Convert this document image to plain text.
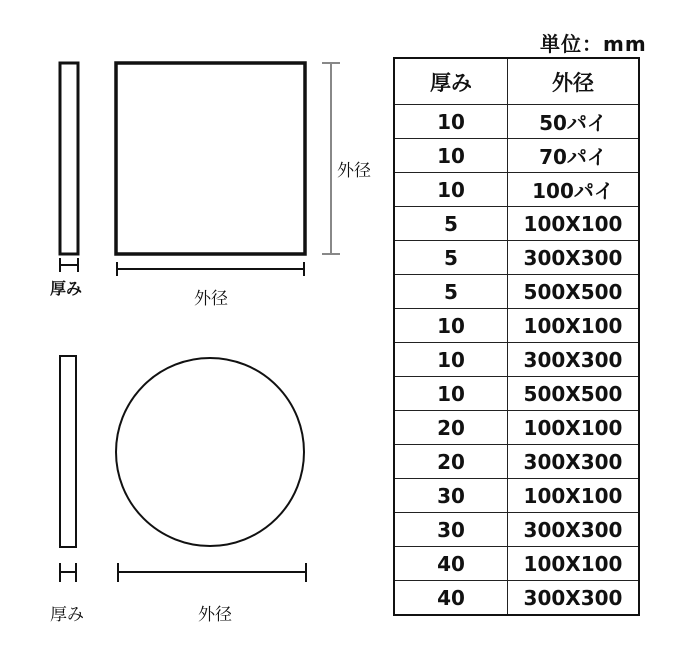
外径
厚み
外径
厚み	外径
単位：mm
厚み	外径
10	50パイ
10	70パイ
10	100パイ
5	100X100
5	300X300
5	500X500
10	100X100
10	300X300
10	500X500
20	100X100
20	300X300
30	100X100
30	300X300
40	100X100
40	300X300
